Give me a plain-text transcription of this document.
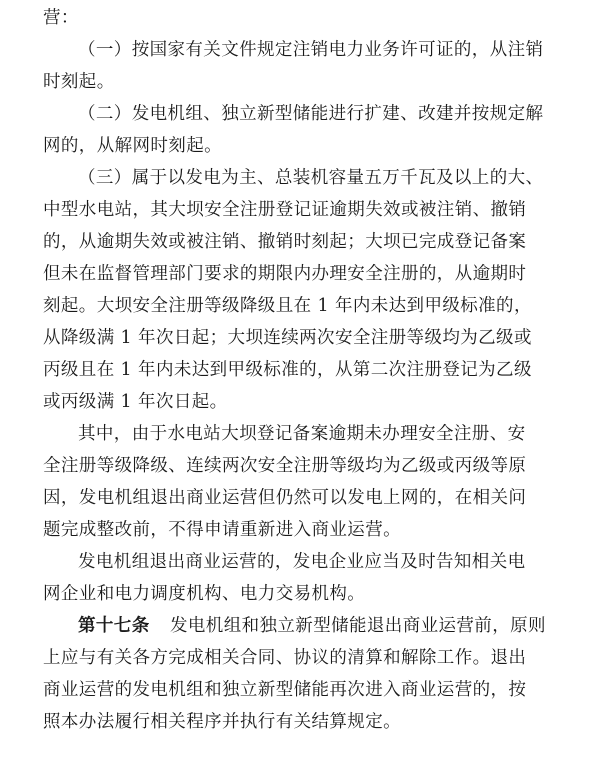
营：
（一）按国家有关文件规定注销电力业务许可证的，从注销
时刻起。
（二）发电机组、独立新型储能进行扩建、改建并按规定解
网的，从解网时刻起。
（三）属于以发电为主、总装机容量五万千瓦及以上的大、
中型水电站，其大坝安全注册登记证逾期失效或被注销、撤销
的，从逾期失效或被注销、撤销时刻起；大坝已完成登记备案
但未在监督管理部门要求的期限内办理安全注册的，从逾期时
刻起。大坝安全注册等级降级且在 1 年内未达到甲级标准的，
从降级满 1 年次日起；大坝连续两次安全注册等级均为乙级或
丙级且在 1 年内未达到甲级标准的，从第二次注册登记为乙级
或丙级满 1 年次日起。
其中，由于水电站大坝登记备案逾期未办理安全注册、安
全注册等级降级、连续两次安全注册等级均为乙级或丙级等原
因，发电机组退出商业运营但仍然可以发电上网的，在相关问
题完成整改前，不得申请重新进入商业运营。
发电机组退出商业运营的，发电企业应当及时告知相关电
网企业和电力调度机构、电力交易机构。
第十七条 发电机组和独立新型储能退出商业运营前，原则
上应与有关各方完成相关合同、协议的清算和解除工作。退出
商业运营的发电机组和独立新型储能再次进入商业运营的，按
照本办法履行相关程序并执行有关结算规定。
